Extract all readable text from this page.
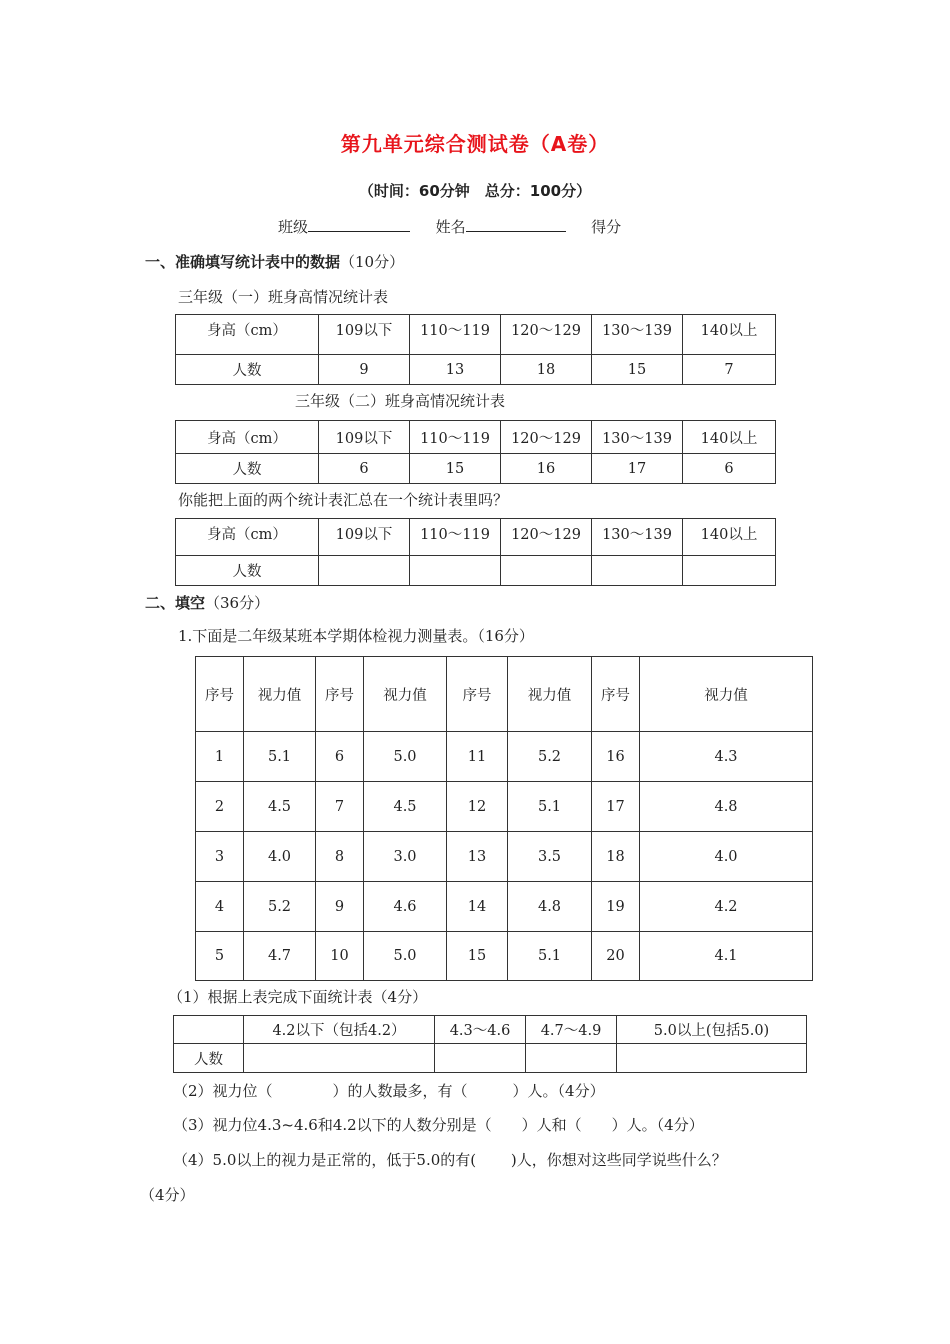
第九单元综合测试卷（A卷）
（时间：60分钟　总分：100分）
班级	姓名	得分
一、准确填写统计表中的数据（10分）
三年级（一）班身高情况统计表
身高（cm）	109以下	110～119	120～129	130～139	140以上
人数	9	13	18	15	7
三年级（二）班身高情况统计表
身高（cm）	109以下	110～119	120～129	130～139	140以上
人数	6	15	16	17	6
你能把上面的两个统计表汇总在一个统计表里吗？
身高（cm）	109以下	110～119	120～129	130～139	140以上
人数					
二、填空（36分）
1.下面是二年级某班本学期体检视力测量表。（16分）
序号	视力值	序号	视力值	序号	视力值	序号	视力值
1	5.1	6	5.0	11	5.2	16	4.3
2	4.5	7	4.5	12	5.1	17	4.8
3	4.0	8	3.0	13	3.5	18	4.0
4	5.2	9	4.6	14	4.8	19	4.2
5	4.7	10	5.0	15	5.1	20	4.1
（1）根据上表完成下面统计表（4分）
	4.2以下（包括4.2）	4.3～4.6	4.7～4.9	5.0以上(包括5.0)
人数				
（2）视力位（　　　　）的人数最多，有（　　　）人。（4分）
（3）视力位4.3~4.6和4.2以下的人数分别是（　　）人和（　　）人。（4分）
（4）5.0以上的视力是正常的，低于5.0的有(　　 )人，你想对这些同学说些什么？
（4分）
